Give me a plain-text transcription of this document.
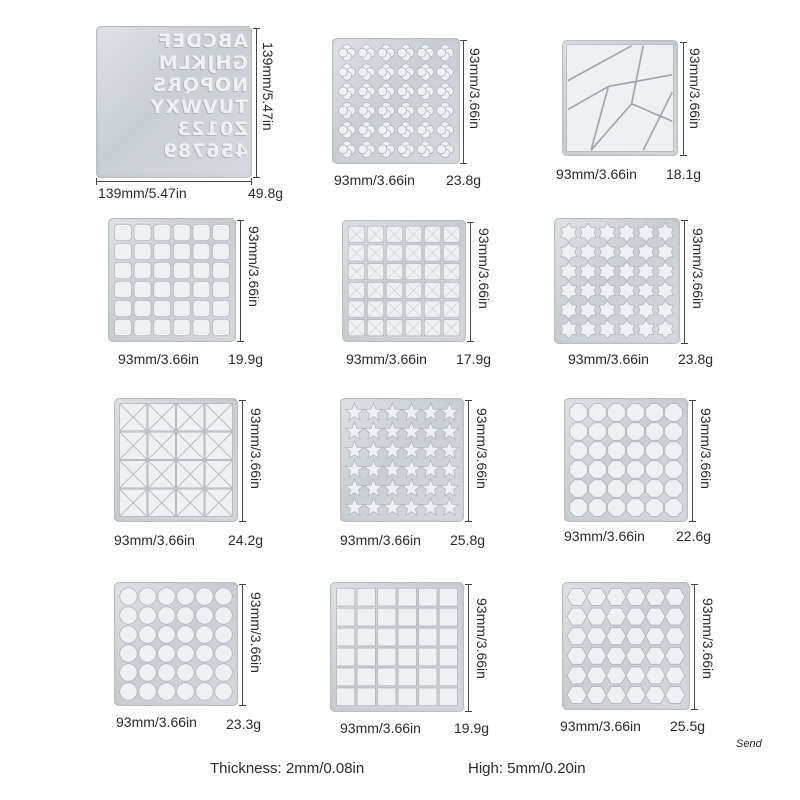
ABCDEF
GHJKLM
NOPQRS
TUVWXY
Z0123
456789
139mm/5.47in
139mm/5.47in	49.8g
93mm/3.66in
93mm/3.66in 23.8g
93mm/3.66in
93mm/3.66in 18.1g
93mm/3.66in
93mm/3.66in 19.9g
93mm/3.66in
93mm/3.66in 17.9g
93mm/3.66in
93mm/3.66in 23.8g
93mm/3.66in
93mm/3.66in 24.2g
93mm/3.66in
93mm/3.66in 25.8g
93mm/3.66in
93mm/3.66in 22.6g
93mm/3.66in
93mm/3.66in 23.3g
93mm/3.66in
93mm/3.66in 19.9g
93mm/3.66in
93mm/3.66in 25.5g
Send
Thickness: 2mm/0.08in	High: 5mm/0.20in
